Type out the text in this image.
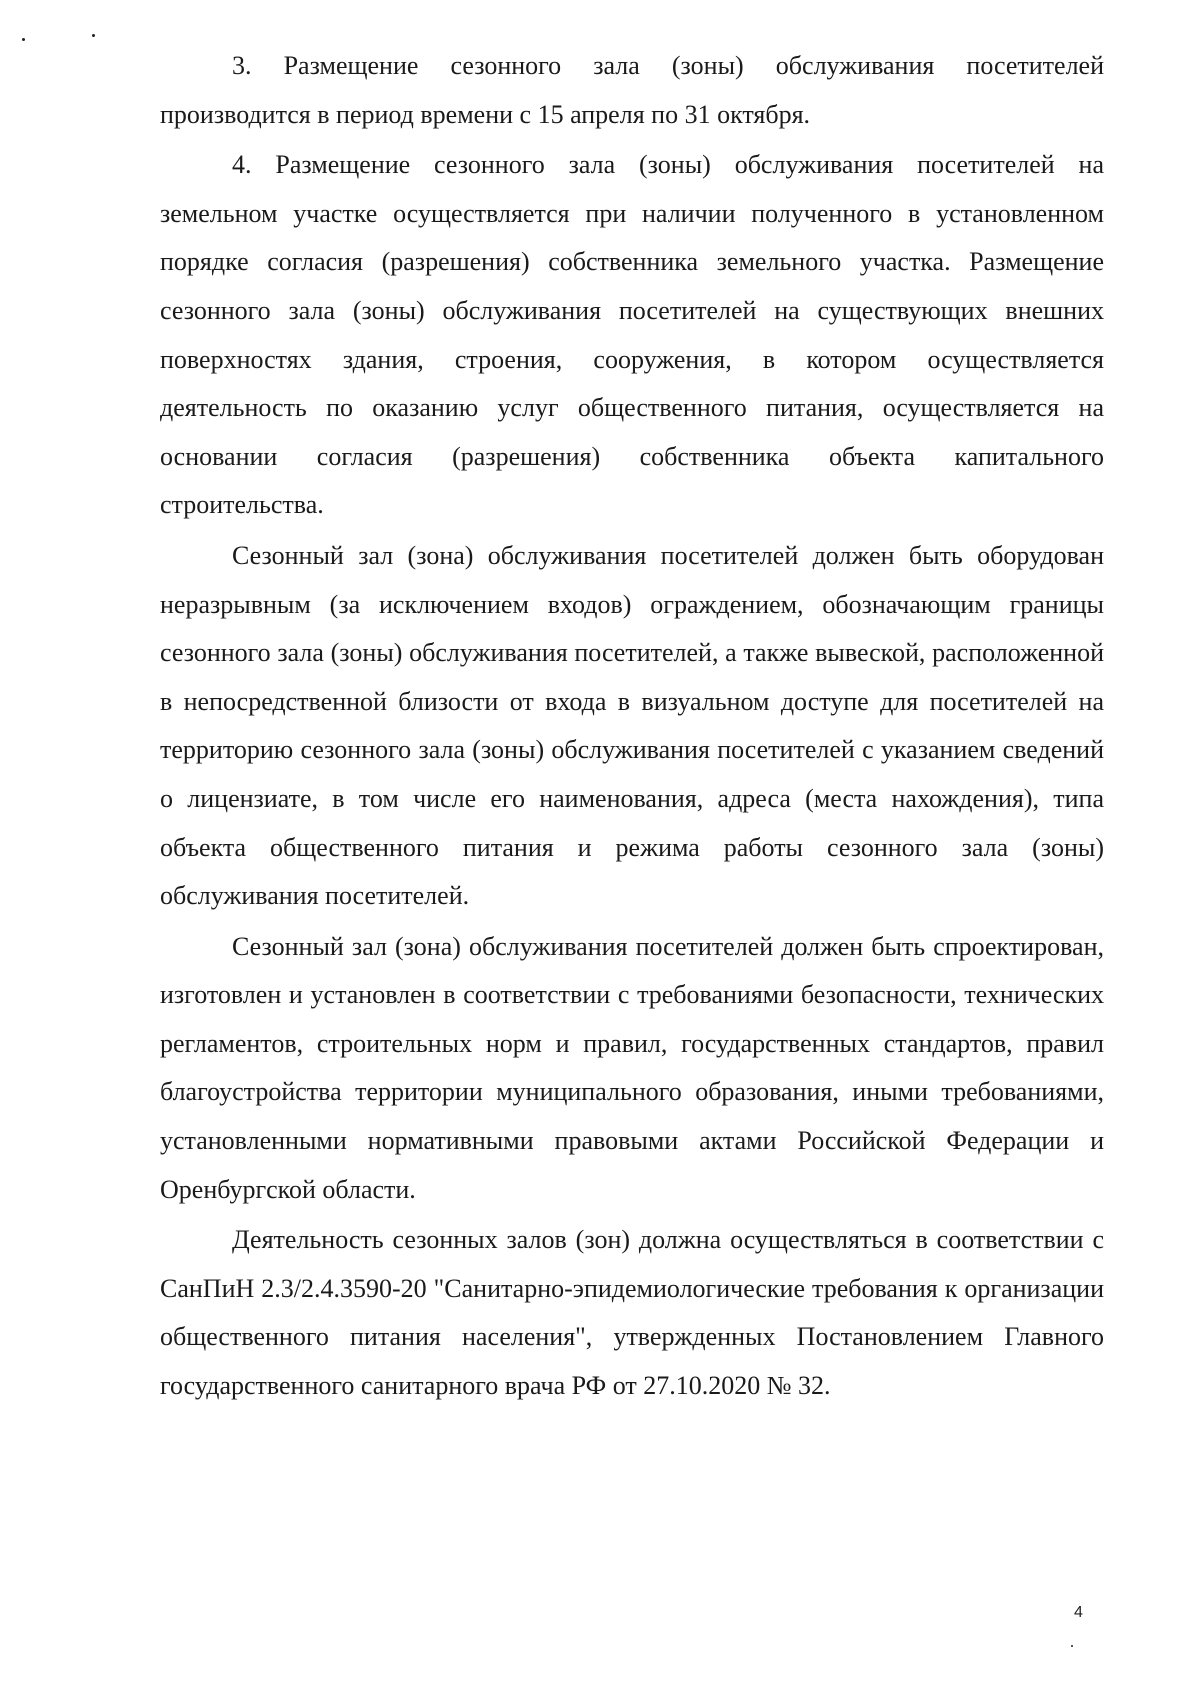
3. Размещение сезонного зала (зоны) обслуживания посетителей производится в период времени с 15 апреля по 31 октября.

4. Размещение сезонного зала (зоны) обслуживания посетителей на земельном участке осуществляется при наличии полученного в установленном порядке согласия (разрешения) собственника земельного участка. Размещение сезонного зала (зоны) обслуживания посетителей на существующих внешних поверхностях здания, строения, сооружения, в котором осуществляется деятельность по оказанию услуг общественного питания, осуществляется на основании согласия (разрешения) собственника объекта капитального строительства.

Сезонный зал (зона) обслуживания посетителей должен быть оборудован неразрывным (за исключением входов) ограждением, обозначающим границы сезонного зала (зоны) обслуживания посетителей, а также вывеской, расположенной в непосредственной близости от входа в визуальном доступе для посетителей на территорию сезонного зала (зоны) обслуживания посетителей с указанием сведений о лицензиате, в том числе его наименования, адреса (места нахождения), типа объекта общественного питания и режима работы сезонного зала (зоны) обслуживания посетителей.

Сезонный зал (зона) обслуживания посетителей должен быть спроектирован, изготовлен и установлен в соответствии с требованиями безопасности, технических регламентов, строительных норм и правил, государственных стандартов, правил благоустройства территории муниципального образования, иными требованиями, установленными нормативными правовыми актами Российской Федерации и Оренбургской области.

Деятельность сезонных залов (зон) должна осуществляться в соответствии с СанПиН 2.3/2.4.3590-20 "Санитарно-эпидемиологические требования к организации общественного питания населения", утвержденных Постановлением Главного государственного санитарного врача РФ от 27.10.2020 № 32.

4
